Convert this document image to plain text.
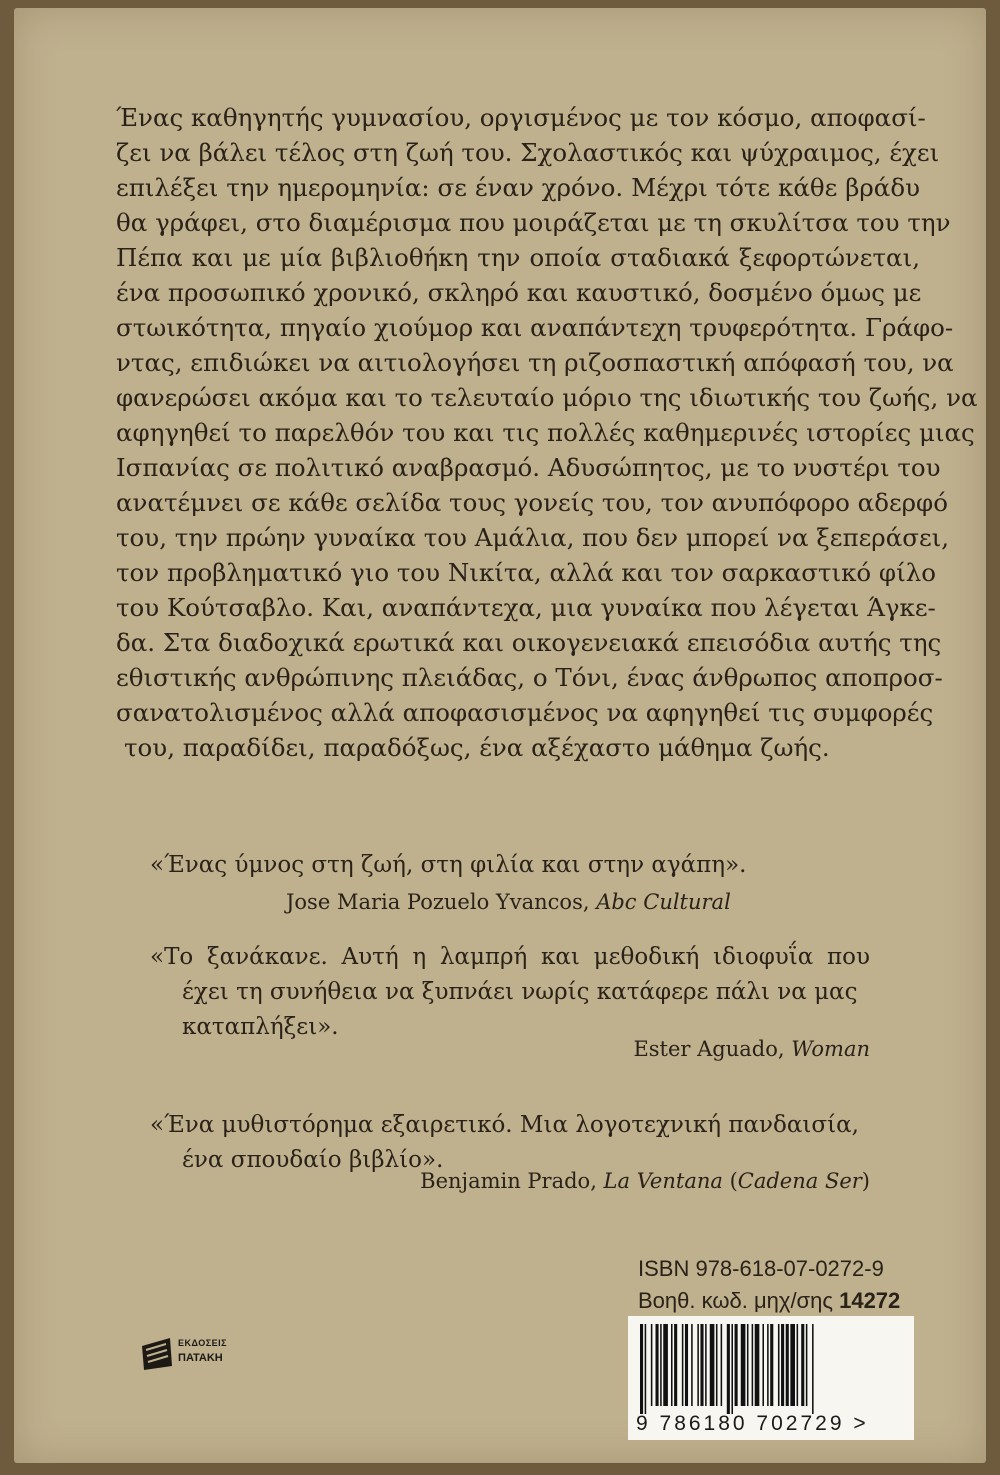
Ένας καθηγητής γυμνασίου, οργισμένος με τον κόσμο, αποφασί-
ζει να βάλει τέλος στη ζωή του. Σχολαστικός και ψύχραιμος, έχει
επιλέξει την ημερομηνία: σε έναν χρόνο. Μέχρι τότε κάθε βράδυ
θα γράφει, στο διαμέρισμα που μοιράζεται με τη σκυλίτσα του την
Πέπα και με μία βιβλιοθήκη την οποία σταδιακά ξεφορτώνεται,
ένα προσωπικό χρονικό, σκληρό και καυστικό, δοσμένο όμως με
στωικότητα, πηγαίο χιούμορ και αναπάντεχη τρυφερότητα. Γράφο-
ντας, επιδιώκει να αιτιολογήσει τη ριζοσπαστική απόφασή του, να
φανερώσει ακόμα και το τελευταίο μόριο της ιδιωτικής του ζωής, να
αφηγηθεί το παρελθόν του και τις πολλές καθημερινές ιστορίες μιας
Ισπανίας σε πολιτικό αναβρασμό. Αδυσώπητος, με το νυστέρι του
ανατέμνει σε κάθε σελίδα τους γονείς του, τον ανυπόφορο αδερφό
του, την πρώην γυναίκα του Αμάλια, που δεν μπορεί να ξεπεράσει,
τον προβληματικό γιο του Νικίτα, αλλά και τον σαρκαστικό φίλο
του Κούτσαβλο. Και, αναπάντεχα, μια γυναίκα που λέγεται Άγκε-
δα. Στα διαδοχικά ερωτικά και οικογενειακά επεισόδια αυτής της
εθιστικής ανθρώπινης πλειάδας, ο Τόνι, ένας άνθρωπος αποπροσ-
σανατολισμένος αλλά αποφασισμένος να αφηγηθεί τις συμφορές
του, παραδίδει, παραδόξως, ένα αξέχαστο μάθημα ζωής.
«Ένας ύμνος στη ζωή, στη φιλία και στην αγάπη».
Jose Maria Pozuelo Yvancos, Abc Cultural
«Το ξανάκανε. Αυτή η λαμπρή και μεθοδική ιδιοφυΐα που
έχει τη συνήθεια να ξυπνάει νωρίς κατάφερε πάλι να μας
καταπλήξει».
Ester Aguado, Woman
«Ένα μυθιστόρημα εξαιρετικό. Μια λογοτεχνική πανδαισία,
ένα σπουδαίο βιβλίο».
Benjamin Prado, La Ventana (Cadena Ser)
ISBN 978-618-07-0272-9
Βοηθ. κωδ. μηχ/σης 14272
9 786180 702729 >
ΕΚΔΟΣΕΙΣ
ΠΑΤΑΚΗ
